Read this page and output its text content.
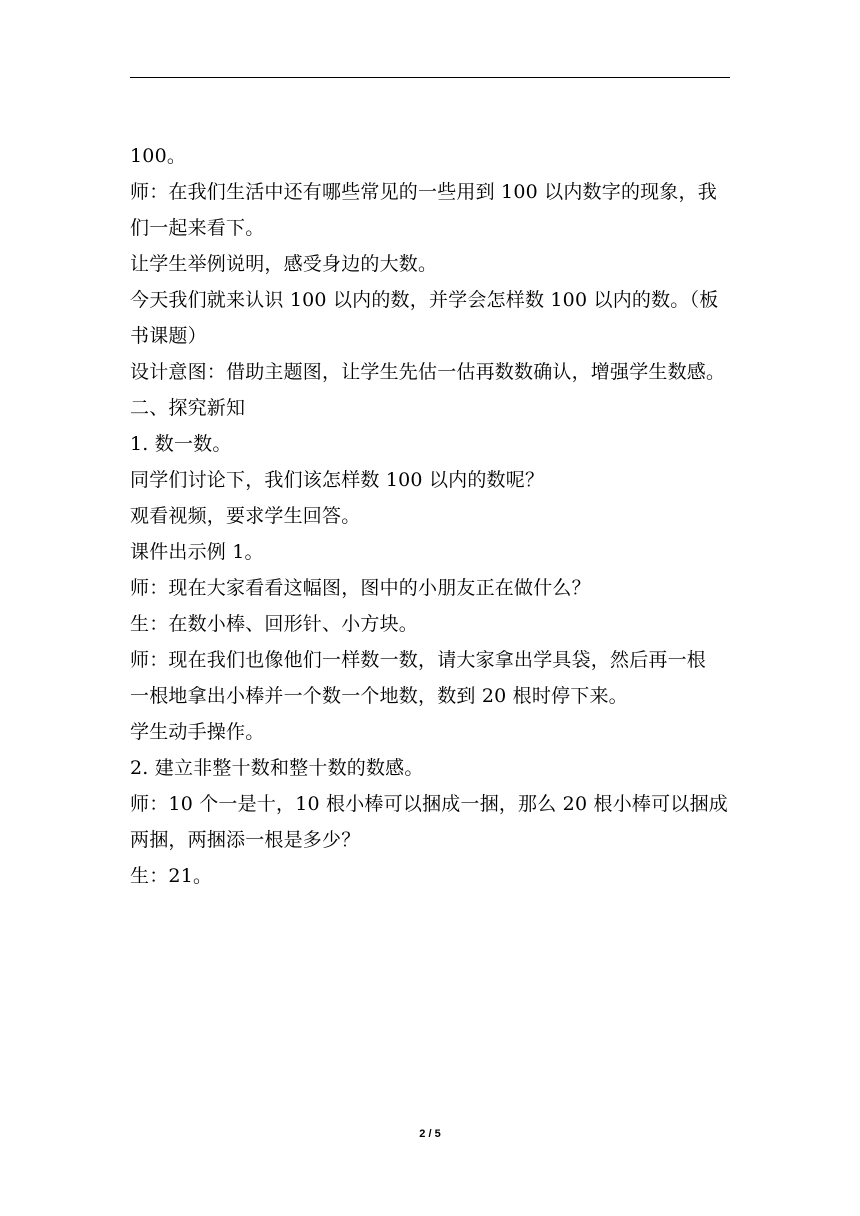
100。

师：在我们生活中还有哪些常见的一些用到 100 以内数字的现象，我

们一起来看下。

让学生举例说明，感受身边的大数。

今天我们就来认识 100 以内的数，并学会怎样数 100 以内的数。（板

书课题）

设计意图：借助主题图，让学生先估一估再数数确认，增强学生数感。

二、探究新知

1. 数一数。

同学们讨论下，我们该怎样数 100 以内的数呢？

观看视频，要求学生回答。

课件出示例 1。

师：现在大家看看这幅图，图中的小朋友正在做什么？

生：在数小棒、回形针、小方块。

师：现在我们也像他们一样数一数，请大家拿出学具袋，然后再一根

一根地拿出小棒并一个数一个地数，数到 20 根时停下来。

学生动手操作。

2. 建立非整十数和整十数的数感。

师：10 个一是十，10 根小棒可以捆成一捆，那么 20 根小棒可以捆成

两捆，两捆添一根是多少？

生：21。

2 / 5
